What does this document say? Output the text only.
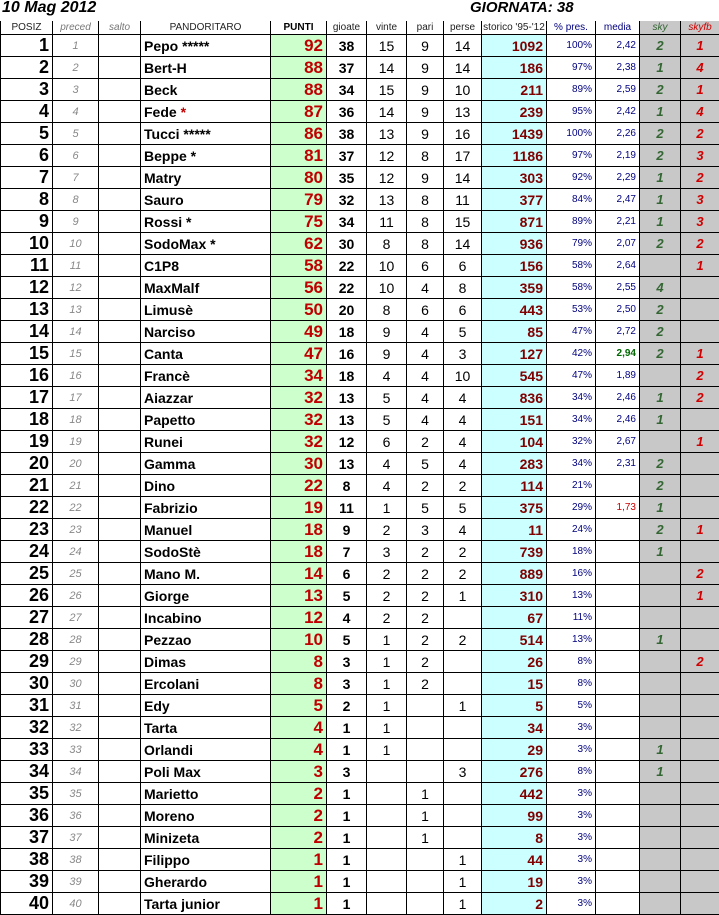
10 Mag 2012	GIORNATA: 38
POSIZ	preced	salto	PANDORITARO	PUNTI	gioate	vinte	pari	perse	storico '95-'12	% pres.	media	sky	skyfb
1	1		Pepo *****	92	38	15	9	14	1092	100%	2,42	2	1
2	2		Bert-H	88	37	14	9	14	186	97%	2,38	1	4
3	3		Beck	88	34	15	9	10	211	89%	2,59	2	1
4	4		Fede *	87	36	14	9	13	239	95%	2,42	1	4
5	5		Tucci *****	86	38	13	9	16	1439	100%	2,26	2	2
6	6		Beppe *	81	37	12	8	17	1186	97%	2,19	2	3
7	7		Matry	80	35	12	9	14	303	92%	2,29	1	2
8	8		Sauro	79	32	13	8	11	377	84%	2,47	1	3
9	9		Rossi *	75	34	11	8	15	871	89%	2,21	1	3
10	10		SodoMax *	62	30	8	8	14	936	79%	2,07	2	2
11	11		C1P8	58	22	10	6	6	156	58%	2,64		1
12	12		MaxMalf	56	22	10	4	8	359	58%	2,55	4	
13	13		Limusè	50	20	8	6	6	443	53%	2,50	2	
14	14		Narciso	49	18	9	4	5	85	47%	2,72	2	
15	15		Canta	47	16	9	4	3	127	42%	2,94	2	1
16	16		Francè	34	18	4	4	10	545	47%	1,89		2
17	17		Aiazzar	32	13	5	4	4	836	34%	2,46	1	2
18	18		Papetto	32	13	5	4	4	151	34%	2,46	1	
19	19		Runei	32	12	6	2	4	104	32%	2,67		1
20	20		Gamma	30	13	4	5	4	283	34%	2,31	2	
21	21		Dino	22	8	4	2	2	114	21%		2	
22	22		Fabrizio	19	11	1	5	5	375	29%	1,73	1	
23	23		Manuel	18	9	2	3	4	11	24%		2	1
24	24		SodoStè	18	7	3	2	2	739	18%		1	
25	25		Mano M.	14	6	2	2	2	889	16%			2
26	26		Giorge	13	5	2	2	1	310	13%			1
27	27		Incabino	12	4	2	2		67	11%			
28	28		Pezzao	10	5	1	2	2	514	13%		1	
29	29		Dimas	8	3	1	2		26	8%			2
30	30		Ercolani	8	3	1	2		15	8%			
31	31		Edy	5	2	1		1	5	5%			
32	32		Tarta	4	1	1			34	3%			
33	33		Orlandi	4	1	1			29	3%		1	
34	34		Poli Max	3	3			3	276	8%		1	
35	35		Marietto	2	1		1		442	3%			
36	36		Moreno	2	1		1		99	3%			
37	37		Minizeta	2	1		1		8	3%			
38	38		Filippo	1	1			1	44	3%			
39	39		Gherardo	1	1			1	19	3%			
40	40		Tarta junior	1	1			1	2	3%			
